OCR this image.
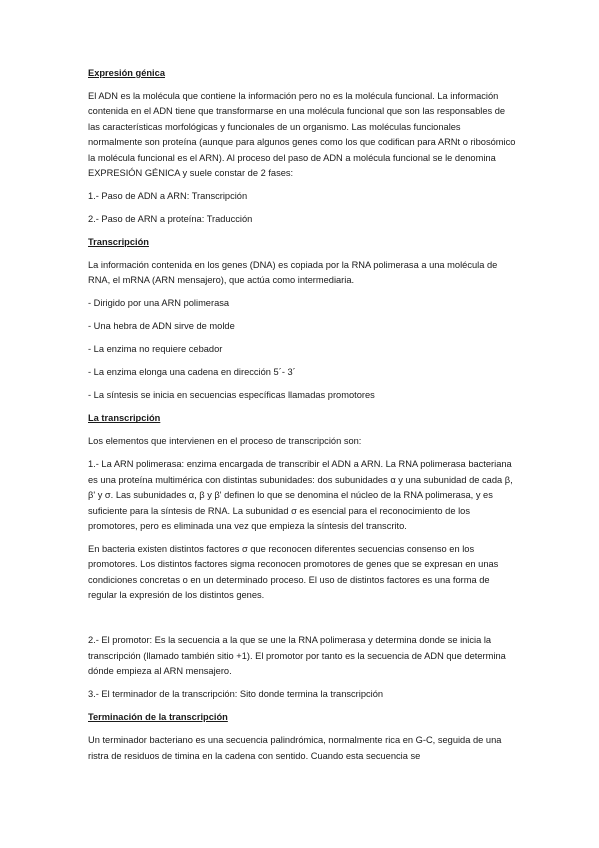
Expresión génica

El ADN es la molécula que contiene la información pero no es la molécula funcional. La información contenida en el ADN tiene que transformarse en una molécula funcional que son las responsables de las características morfológicas y funcionales de un organismo. Las moléculas funcionales normalmente son proteína (aunque para algunos genes como los que codifican para ARNt o ribosómico la molécula funcional es el ARN). Al proceso del paso de ADN a molécula funcional se le denomina EXPRESIÓN GÉNICA y suele constar de 2 fases:

1.- Paso de ADN a ARN: Transcripción

2.- Paso de ARN a proteína: Traducción

Transcripción

La información contenida en los genes (DNA) es copiada por la RNA polimerasa a una molécula de RNA, el mRNA (ARN mensajero), que actúa como intermediaria.

- Dirigido por una ARN polimerasa

- Una hebra de ADN sirve de molde

- La enzima no requiere cebador

- La enzima elonga una cadena en dirección 5´- 3´

- La síntesis se inicia en secuencias específicas llamadas promotores

La transcripción

Los elementos que intervienen en el proceso de transcripción son:

1.- La ARN polimerasa: enzima encargada de transcribir el ADN a ARN. La RNA polimerasa bacteriana es una proteína multimérica con distintas subunidades: dos subunidades α y una subunidad de cada β, β' y σ. Las subunidades α, β y β' definen lo que se denomina el núcleo de la RNA polimerasa, y es suficiente para la síntesis de RNA. La subunidad σ es esencial para el reconocimiento de los promotores, pero es eliminada una vez que empieza la síntesis del transcrito.

En bacteria existen distintos factores σ que reconocen diferentes secuencias consenso en los promotores. Los distintos factores sigma reconocen promotores de genes que se expresan en unas condiciones concretas o en un determinado proceso. El uso de distintos factores es una forma de regular la expresión de los distintos genes.

2.- El promotor: Es la secuencia a la que se une la RNA polimerasa y determina donde se inicia la transcripción (llamado también sitio +1). El promotor por tanto es la secuencia de ADN que determina dónde empieza al ARN mensajero.

3.- El terminador de la transcripción: Sito donde termina la transcripción

Terminación de la transcripción

Un terminador bacteriano es una secuencia palindrómica, normalmente rica en G-C, seguida de una ristra de residuos de timina en la cadena con sentido. Cuando esta secuencia se
